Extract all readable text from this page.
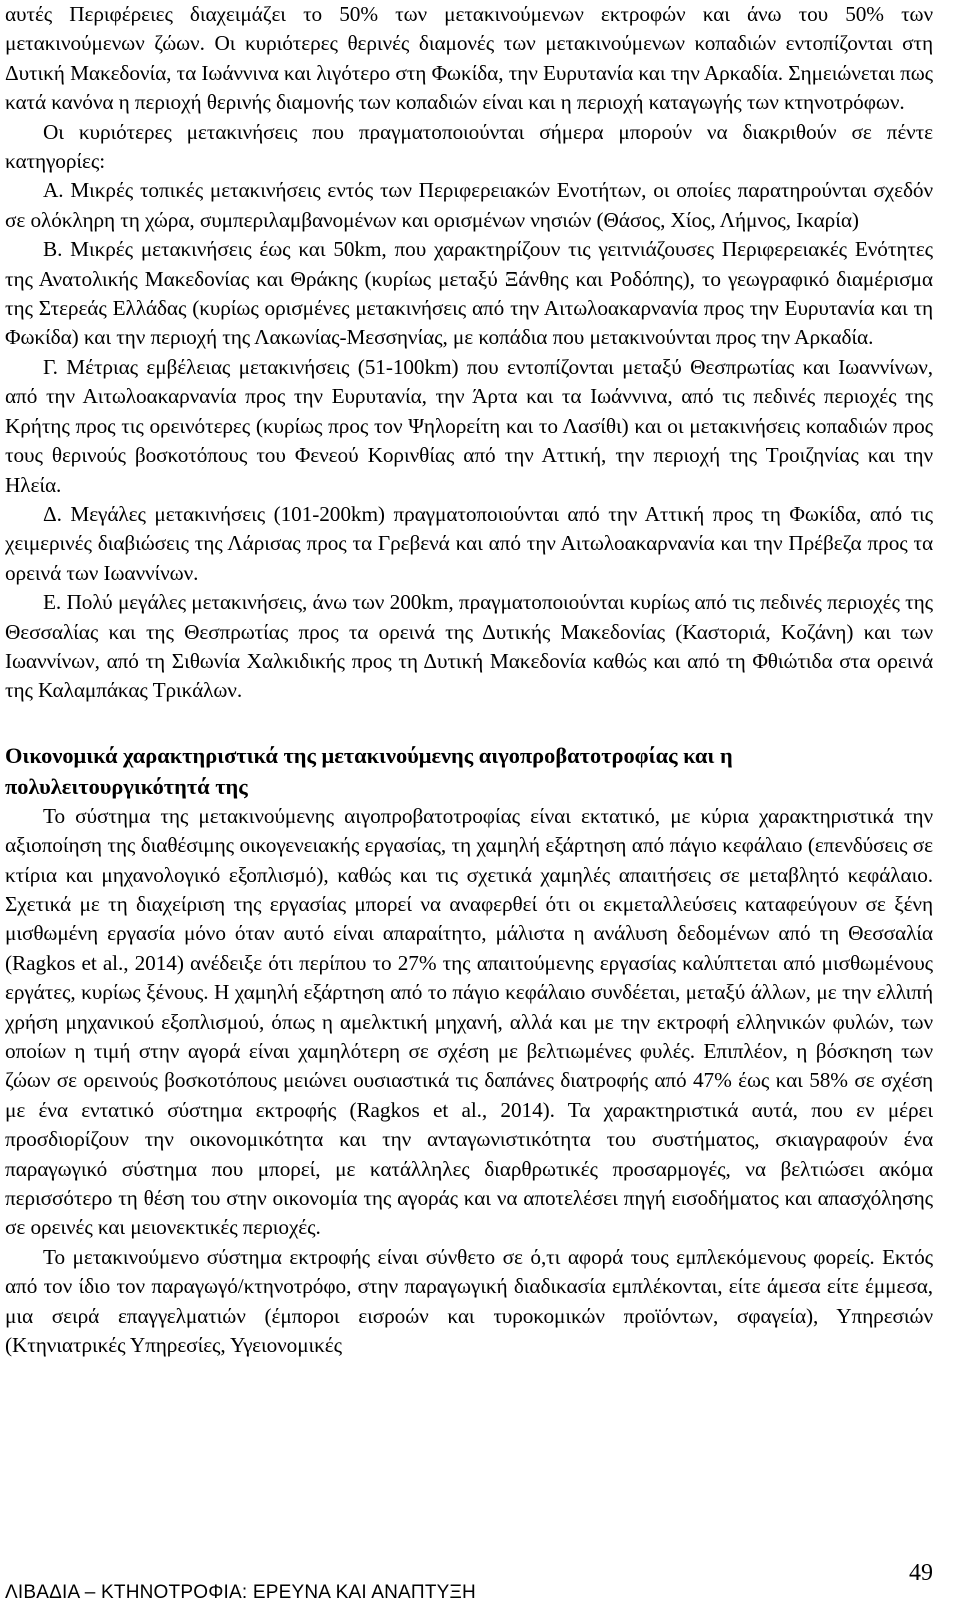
αυτές Περιφέρειες διαχειμάζει το 50% των μετακινούμενων εκτροφών και άνω του 50% των μετακινούμενων ζώων. Οι κυριότερες θερινές διαμονές των μετακινούμενων κοπαδιών εντοπίζονται στη Δυτική Μακεδονία, τα Ιωάννινα και λιγότερο στη Φωκίδα, την Ευρυτανία και την Αρκαδία. Σημειώνεται πως κατά κανόνα η περιοχή θερινής διαμονής των κοπαδιών είναι και η περιοχή καταγωγής των κτηνοτρόφων.

Οι κυριότερες μετακινήσεις που πραγματοποιούνται σήμερα μπορούν να διακριθούν σε πέντε κατηγορίες:

Α. Μικρές τοπικές μετακινήσεις εντός των Περιφερειακών Ενοτήτων, οι οποίες παρατηρούνται σχεδόν σε ολόκληρη τη χώρα, συμπεριλαμβανομένων και ορισμένων νησιών (Θάσος, Χίος, Λήμνος, Ικαρία)

Β. Μικρές μετακινήσεις έως και 50km, που χαρακτηρίζουν τις γειτνιάζουσες Περιφερειακές Ενότητες της Ανατολικής Μακεδονίας και Θράκης (κυρίως μεταξύ Ξάνθης και Ροδόπης), το γεωγραφικό διαμέρισμα της Στερεάς Ελλάδας (κυρίως ορισμένες μετακινήσεις από την Αιτωλοακαρνανία προς την Ευρυτανία και τη Φωκίδα) και την περιοχή της Λακωνίας-Μεσσηνίας, με κοπάδια που μετακινούνται προς την Αρκαδία.

Γ. Μέτριας εμβέλειας μετακινήσεις (51-100km) που εντοπίζονται μεταξύ Θεσπρωτίας και Ιωαννίνων, από την Αιτωλοακαρνανία προς την Ευρυτανία, την Άρτα και τα Ιωάννινα, από τις πεδινές περιοχές της Κρήτης προς τις ορεινότερες (κυρίως προς τον Ψηλορείτη και το Λασίθι) και οι μετακινήσεις κοπαδιών προς τους θερινούς βοσκοτόπους του Φενεού Κορινθίας από την Αττική, την περιοχή της Τροιζηνίας και την Ηλεία.

Δ. Μεγάλες μετακινήσεις (101-200km) πραγματοποιούνται από την Αττική προς τη Φωκίδα, από τις χειμερινές διαβιώσεις της Λάρισας προς τα Γρεβενά και από την Αιτωλοακαρνανία και την Πρέβεζα προς τα ορεινά των Ιωαννίνων.

Ε. Πολύ μεγάλες μετακινήσεις, άνω των 200km, πραγματοποιούνται κυρίως από τις πεδινές περιοχές της Θεσσαλίας και της Θεσπρωτίας προς τα ορεινά της Δυτικής Μακεδονίας (Καστοριά, Κοζάνη) και των Ιωαννίνων, από τη Σιθωνία Χαλκιδικής προς τη Δυτική Μακεδονία καθώς και από τη Φθιώτιδα στα ορεινά της Καλαμπάκας Τρικάλων.

Οικονομικά χαρακτηριστικά της μετακινούμενης αιγοπροβατοτροφίας και η πολυλειτουργικότητά της

Το σύστημα της μετακινούμενης αιγοπροβατοτροφίας είναι εκτατικό, με κύρια χαρακτηριστικά την αξιοποίηση της διαθέσιμης οικογενειακής εργασίας, τη χαμηλή εξάρτηση από πάγιο κεφάλαιο (επενδύσεις σε κτίρια και μηχανολογικό εξοπλισμό), καθώς και τις σχετικά χαμηλές απαιτήσεις σε μεταβλητό κεφάλαιο. Σχετικά με τη διαχείριση της εργασίας μπορεί να αναφερθεί ότι οι εκμεταλλεύσεις καταφεύγουν σε ξένη μισθωμένη εργασία μόνο όταν αυτό είναι απαραίτητο, μάλιστα η ανάλυση δεδομένων από τη Θεσσαλία (Ragkos et al., 2014) ανέδειξε ότι περίπου το 27% της απαιτούμενης εργασίας καλύπτεται από μισθωμένους εργάτες, κυρίως ξένους. Η χαμηλή εξάρτηση από το πάγιο κεφάλαιο συνδέεται, μεταξύ άλλων, με την ελλιπή χρήση μηχανικού εξοπλισμού, όπως η αμελκτική μηχανή, αλλά και με την εκτροφή ελληνικών φυλών, των οποίων η τιμή στην αγορά είναι χαμηλότερη σε σχέση με βελτιωμένες φυλές. Επιπλέον, η βόσκηση των ζώων σε ορεινούς βοσκοτόπους μειώνει ουσιαστικά τις δαπάνες διατροφής από 47% έως και 58% σε σχέση με ένα εντατικό σύστημα εκτροφής (Ragkos et al., 2014). Τα χαρακτηριστικά αυτά, που εν μέρει προσδιορίζουν την οικονομικότητα και την ανταγωνιστικότητα του συστήματος, σκιαγραφούν ένα παραγωγικό σύστημα που μπορεί, με κατάλληλες διαρθρωτικές προσαρμογές, να βελτιώσει ακόμα περισσότερο τη θέση του στην οικονομία της αγοράς και να αποτελέσει πηγή εισοδήματος και απασχόλησης σε ορεινές και μειονεκτικές περιοχές.

Το μετακινούμενο σύστημα εκτροφής είναι σύνθετο σε ό,τι αφορά τους εμπλεκόμενους φορείς. Εκτός από τον ίδιο τον παραγωγό/κτηνοτρόφο, στην παραγωγική διαδικασία εμπλέκονται, είτε άμεσα είτε έμμεσα, μια σειρά επαγγελματιών (έμποροι εισροών και τυροκομικών προϊόντων, σφαγεία), Υπηρεσιών (Κτηνιατρικές Υπηρεσίες, Υγειονομικές

49
ΛΙΒΑΔΙΑ – ΚΤΗΝΟΤΡΟΦΙΑ: ΕΡΕΥΝΑ ΚΑΙ ΑΝΑΠΤΥΞΗ
